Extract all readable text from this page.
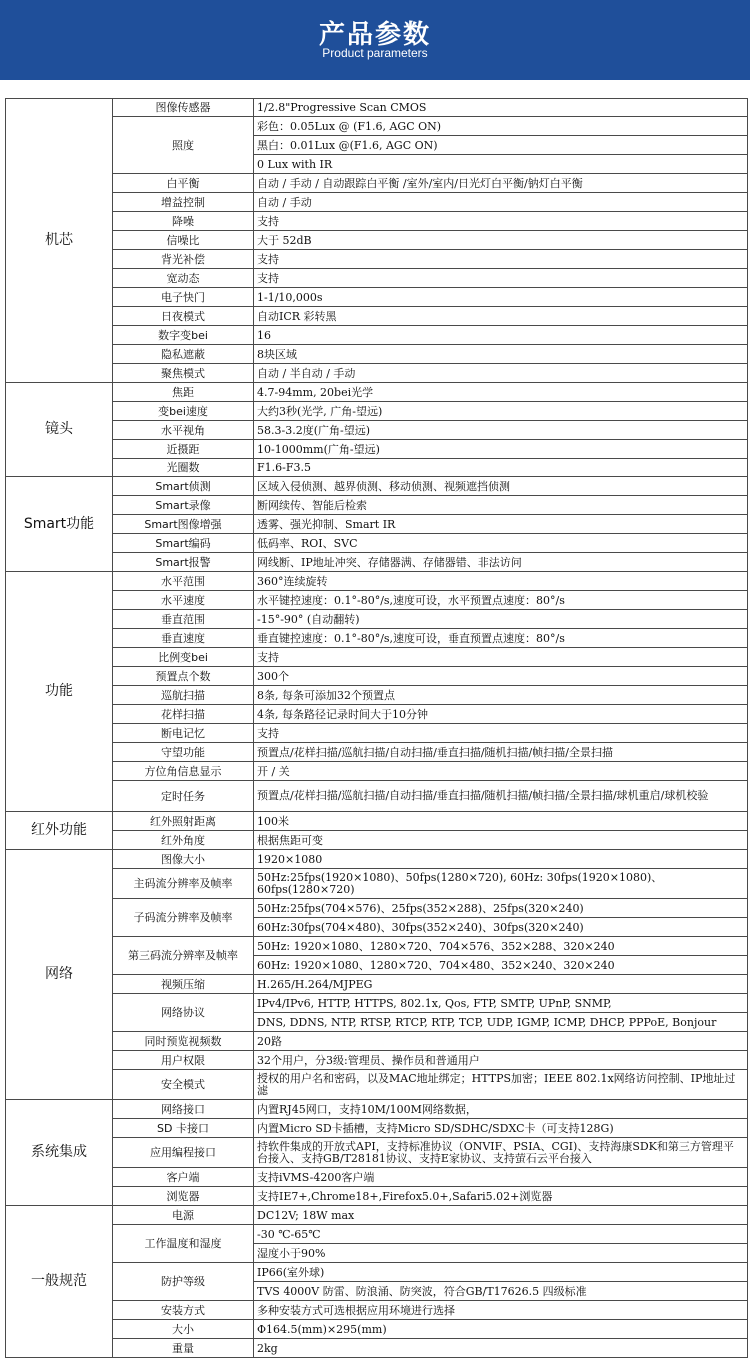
产品参数
Product parameters
机芯	图像传感器	1/2.8"Progressive Scan CMOS
	照度	彩色：0.05Lux @ (F1.6, AGC ON)
		黑白：0.01Lux @(F1.6, AGC ON)
		0 Lux with IR
	白平衡	自动 / 手动 / 自动跟踪白平衡 /室外/室内/日光灯白平衡/钠灯白平衡
	增益控制	自动 / 手动
	降噪	支持
	信噪比	大于 52dB
	背光补偿	支持
	宽动态	支持
	电子快门	1-1/10,000s
	日夜模式	自动ICR 彩转黑
	数字变bei	16
	隐私遮蔽	8块区域
	聚焦模式	自动 / 半自动 / 手动
镜头	焦距	4.7-94mm, 20bei光学
	变bei速度	大约3秒(光学, 广角-望远)
	水平视角	58.3-3.2度(广角-望远)
	近摄距	10-1000mm(广角-望远)
	光圈数	F1.6-F3.5
Smart功能	Smart侦测	区域入侵侦测、越界侦测、移动侦测、视频遮挡侦测
	Smart录像	断网续传、智能后检索
	Smart图像增强	透雾、强光抑制、Smart IR
	Smart编码	低码率、ROI、SVC
	Smart报警	网线断、IP地址冲突、存储器满、存储器错、非法访问
功能	水平范围	360°连续旋转
	水平速度	水平键控速度：0.1°-80°/s,速度可设，水平预置点速度：80°/s
	垂直范围	-15°-90° (自动翻转)
	垂直速度	垂直键控速度：0.1°-80°/s,速度可设，垂直预置点速度：80°/s
	比例变bei	支持
	预置点个数	300个
	巡航扫描	8条, 每条可添加32个预置点
	花样扫描	4条, 每条路径记录时间大于10分钟
	断电记忆	支持
	守望功能	预置点/花样扫描/巡航扫描/自动扫描/垂直扫描/随机扫描/帧扫描/全景扫描
	方位角信息显示	开 / 关
	定时任务	预置点/花样扫描/巡航扫描/自动扫描/垂直扫描/随机扫描/帧扫描/全景扫描/球机重启/球机校验
红外功能	红外照射距离	100米
	红外角度	根据焦距可变
网络	图像大小	1920×1080
	主码流分辨率及帧率	50Hz:25fps(1920×1080)、50fps(1280×720), 60Hz: 30fps(1920×1080)、60fps(1280×720)
	子码流分辨率及帧率	50Hz:25fps(704×576)、25fps(352×288)、25fps(320×240)
		60Hz:30fps(704×480)、30fps(352×240)、30fps(320×240)
	第三码流分辨率及帧率	50Hz: 1920×1080、1280×720、704×576、352×288、320×240
		60Hz: 1920×1080、1280×720、704×480、352×240、320×240
	视频压缩	H.265/H.264/MJPEG
	网络协议	IPv4/IPv6, HTTP, HTTPS, 802.1x, Qos, FTP, SMTP, UPnP, SNMP,
		DNS, DDNS, NTP, RTSP, RTCP, RTP, TCP, UDP, IGMP, ICMP, DHCP, PPPoE, Bonjour
	同时预览视频数	20路
	用户权限	32个用户，分3级:管理员、操作员和普通用户
	安全模式	授权的用户名和密码，以及MAC地址绑定；HTTPS加密；IEEE 802.1x网络访问控制、IP地址过滤
系统集成	网络接口	内置RJ45网口，支持10M/100M网络数据，
	SD 卡接口	内置Micro SD卡插槽，支持Micro SD/SDHC/SDXC卡（可支持128G)
	应用编程接口	持软件集成的开放式API，支持标准协议（ONVIF、PSIA、CGI)、支持海康SDK和第三方管理平台接入、支持GB/T28181协议、支持E家协议、支持萤石云平台接入
	客户端	支持iVMS-4200客户端
	浏览器	支持IE7+,Chrome18+,Firefox5.0+,Safari5.02+浏览器
一般规范	电源	DC12V; 18W max
	工作温度和湿度	-30 ℃-65℃
		湿度小于90%
	防护等级	IP66(室外球)
		TVS 4000V 防雷、防浪涌、防突波，符合GB/T17626.5 四级标准
	安装方式	多种安装方式可选根据应用环境进行选择
	大小	Φ164.5(mm)×295(mm)
	重量	2kg
